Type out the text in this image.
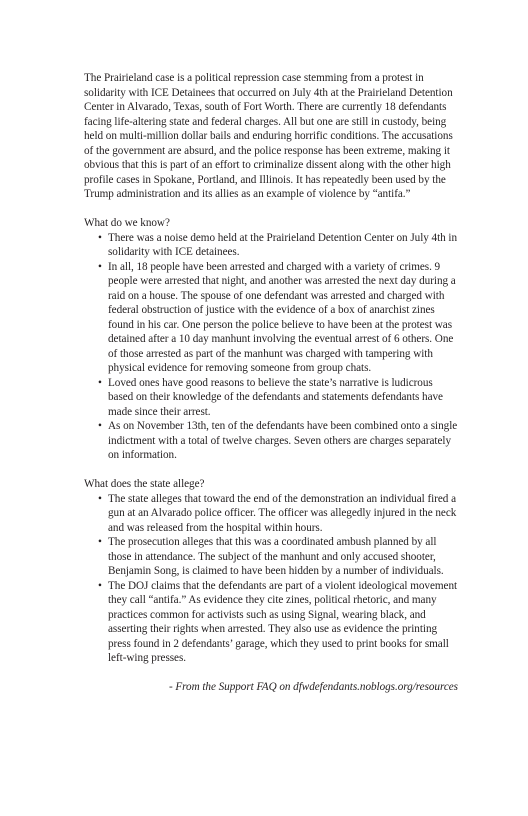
The Prairieland case is a political repression case stemming from a protest in solidarity with ICE Detainees that occurred on July 4th at the Prairieland Detention Center in Alvarado, Texas, south of Fort Worth. There are currently 18 defendants facing life-altering state and federal charges. All but one are still in custody, being held on multi-million dollar bails and enduring horrific conditions. The accusations of the government are absurd, and the police response has been extreme, making it obvious that this is part of an effort to criminalize dissent along with the other high profile cases in Spokane, Portland, and Illinois. It has repeatedly been used by the Trump administration and its allies as an example of violence by “antifa.”

What do we know?
• There was a noise demo held at the Prairieland Detention Center on July 4th in solidarity with ICE detainees.
• In all, 18 people have been arrested and charged with a variety of crimes. 9 people were arrested that night, and another was arrested the next day during a raid on a house. The spouse of one defendant was arrested and charged with federal obstruction of justice with the evidence of a box of anarchist zines found in his car. One person the police believe to have been at the protest was detained after a 10 day manhunt involving the eventual arrest of 6 others. One of those arrested as part of the manhunt was charged with tampering with physical evidence for removing someone from group chats.
• Loved ones have good reasons to believe the state’s narrative is ludicrous based on their knowledge of the defendants and statements defendants have made since their arrest.
• As on November 13th, ten of the defendants have been combined onto a single indictment with a total of twelve charges. Seven others are charges separately on information.
What does the state allege?
• The state alleges that toward the end of the demonstration an individual fired a gun at an Alvarado police officer. The officer was allegedly injured in the neck and was released from the hospital within hours.
• The prosecution alleges that this was a coordinated ambush planned by all those in attendance. The subject of the manhunt and only accused shooter, Benjamin Song, is claimed to have been hidden by a number of individuals.
• The DOJ claims that the defendants are part of a violent ideological movement they call “antifa.” As evidence they cite zines, political rhetoric, and many practices common for activists such as using Signal, wearing black, and asserting their rights when arrested. They also use as evidence the printing press found in 2 defendants’ garage, which they used to print books for small left-wing presses.
- From the Support FAQ on dfwdefendants.noblogs.org/resources
